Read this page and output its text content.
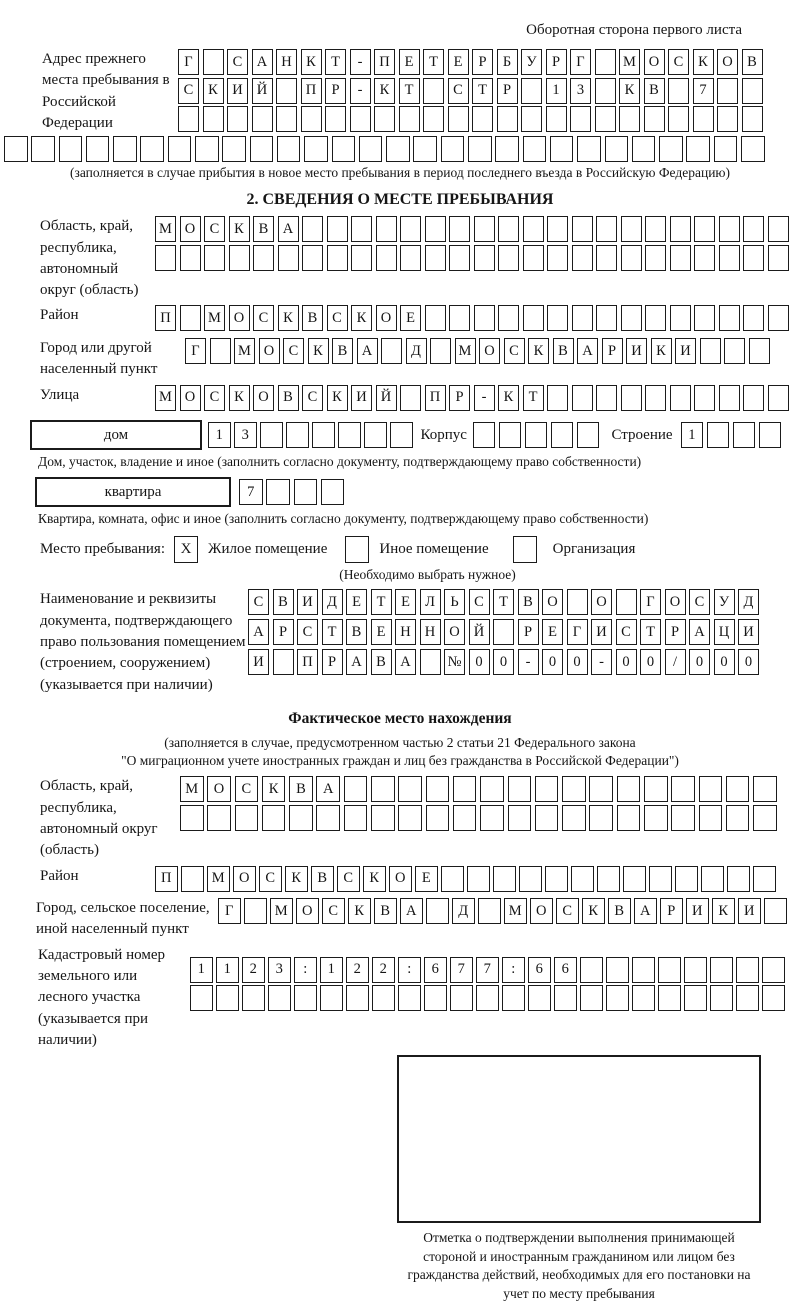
Оборотная сторона первого листа
Адрес прежнего места пребывания в Российской Федерации
Г	С А Н К	Т	-	П	Е	Т	Е	Р	Б	У	Р	Г	М О С	К О В
С	К И Й	П	Р	-	К	Т	С	Т	Р	1	3	К	В	7
(заполняется в случае прибытия в новое место пребывания в период последнего въезда в Российскую Федерацию)
2. СВЕДЕНИЯ О МЕСТЕ ПРЕБЫВАНИЯ
Область, край, республика, автономный округ (область)
М О С	К	В А
Район	П	М О С	К	В	С	К О	Е
Город или другой населенный пункт
Г	М О С	К	В А	Д	М О С	К	В А	Р	И К И
Улица	М О С	К О В	С	К И Й	П	Р	-	К	Т
дом	1	3	Корпус	Строение	1
Дом, участок, владение и иное (заполнить согласно документу, подтверждающему право собственности)
квартира	7
Квартира, комната, офис и иное (заполнить согласно документу, подтверждающему право собственности)
Место пребывания:	X	Жилое помещение	Иное помещение	Организация
(Необходимо выбрать нужное)
Наименование и реквизиты документа, подтверждающего право пользования помещением (строением, сооружением) (указывается при наличии)
С	В И Д	Е	Т	Е	Л	Ь	С	Т	В О	О	Г	О С	У Д
А	Р	С	Т	В	Е	Н Н О Й	Р	Е	Г	И С	Т	Р	А Ц И
И	П	Р	А В А	№ 0	0	-	0	0	-	0	0	/	0	0	0
Фактическое место нахождения
(заполняется в случае, предусмотренном частью 2 статьи 21 Федерального закона
"О миграционном учете иностранных граждан и лиц без гражданства в Российской Федерации")
Область, край, республика, автономный округ (область)
М	О	С	К	В	А
Район	П	М О	С	К	В	С	К	О	Е
Город, сельское поселение, иной населенный пункт
Г	М О	С	К	В	А	Д	М О	С	К	В	А	Р	И	К	И
Кадастровый номер земельного или лесного участка (указывается при наличии)
1	1	2	3	:	1	2	2	:	6	7	7	:	6	6
Отметка о подтверждении выполнения принимающей стороной и иностранным гражданином или лицом без гражданства действий, необходимых для его постановки на учет по месту пребывания
